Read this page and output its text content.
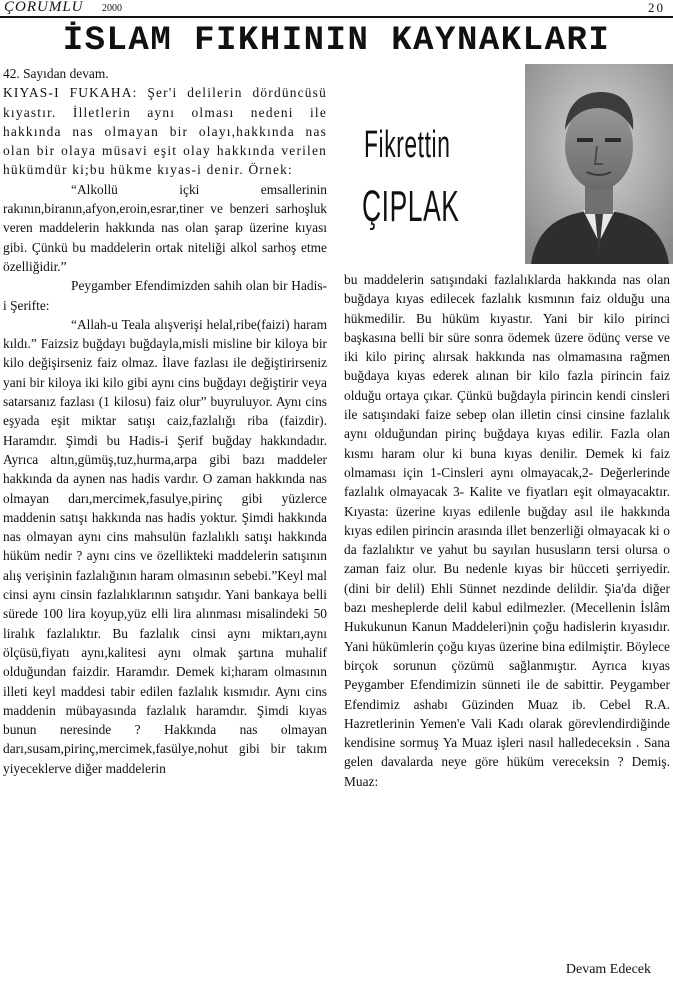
ÇORUMLU 2000	20
İSLAM FIKHININ KAYNAKLARI

42. Sayıdan devam.

KIYAS-I FUKAHA: Şer'i delilerin dördüncüsü kıyastır. İlletlerin aynı olması nedeni ile hakkında nas olmayan bir olayı,hakkında nas olan bir olaya müsavi eşit olay hakkında verilen hükümdür ki;bu hükme kıyas-i denir. Örnek:

“Alkollü içki emsallerinin rakının,biranın,afyon,eroin,esrar,tiner ve benzeri sarhoşluk veren maddelerin hakkında nas olan şarap üzerine kıyası gibi. Çünkü bu maddelerin ortak niteliği alkol sarhoş etme özelliğidir.”

Peygamber Efendimizden sahih olan bir Hadis-i Şerifte:

“Allah-u Teala alışverişi helal,ribe(faizi) haram kıldı.” Faizsiz buğdayı buğdayla,misli misline bir kiloya bir kilo değişirseniz faiz olmaz. İlave fazlası ile değiştirirseniz yani bir kiloya iki kilo gibi aynı cins buğdayı değiştirir veya satarsanız fazlası (1 kilosu) faiz olur” buyruluyor. Aynı cins eşyada eşit miktar satışı caiz,fazlalığı riba (faizdir). Haramdır. Şimdi bu Hadis-i Şerif buğday hakkındadır. Ayrıca altın,gümüş,tuz,hurma,arpa gibi bazı maddeler hakkında da aynen nas hadis vardır. O zaman hakkında nas olmayan darı,mercimek,fasulye,pirinç gibi yüzlerce maddenin satışı hakkında nas hadis yoktur. Şimdi hakkında nas olmayan aynı cins mahsulün fazlalıklı satışı hakkında hüküm nedir ? aynı cins ve özellikteki maddelerin satışının alış verişinin fazlalığının haram olmasının sebebi.”Keyl mal cinsi aynı cinsin fazlalıklarının satışıdır. Yani bankaya belli sürede 100 lira koyup,yüz elli lira alınması misalindeki 50 liralık fazlalıktır. Bu fazlalık cinsi aynı miktarı,aynı ölçüsü,fiyatı aynı,kalitesi aynı olmak şartına muhalif olduğundan faizdir. Haramdır. Demek ki;haram olmasının illeti keyl maddesi tabir edilen fazlalık kısmıdır. Aynı cins maddenin mübayasında fazlalık haramdır. Şimdi kıyas bunun neresinde ? Hakkında nas olmayan darı,susam,pirinç,mercimek,fasülye,nohut gibi bir takım yiyeceklerve diğer maddelerin

Fikrettin
ÇIPLAK

bu maddelerin satışındaki fazlalıklarda hakkında nas olan buğdaya kıyas edilecek fazlalık kısmının faiz olduğu una hükmedilir. Bu hüküm kıyastır. Yani bir kilo pirinci başkasına belli bir süre sonra ödemek üzere ödünç verse ve iki kilo pirinç alırsak hakkında nas olmamasına rağmen buğdaya kıyas ederek alınan bir kilo fazla pirincin faiz olduğu ortaya çıkar. Çünkü buğdayla pirincin kendi cinsleri ile satışındaki faize sebep olan illetin cinsi cinsine fazlalık aynı olduğundan pirinç buğdaya kıyas edilir. Fazla olan kısmı haram olur ki buna kıyas denilir. Demek ki faiz olmaması için 1-Cinsleri aynı olmayacak,2- Değerlerinde fazlalık olmayacak 3- Kalite ve fiyatları eşit olmayacaktır. Kıyasta: üzerine kıyas edilenle buğday asıl ile hakkında kıyas edilen pirincin arasında illet benzerliği olmayacak ki o da fazlalıktır ve yahut bu sayılan hususların tersi olursa o zaman faiz olur. Bu nedenle kıyas bir hücceti şerriyedir. (dini bir delil) Ehli Sünnet nezdinde delildir. Şia'da diğer bazı mesheplerde delil kabul edilmezler. (Mecellenin İslâm Hukukunun Kanun Maddeleri)nin çoğu hadislerin kıyasıdır. Yani hükümlerin çoğu kıyas üzerine bina edilmiştir. Böylece birçok sorunun çözümü sağlanmıştır. Ayrıca kıyas Peygamber Efendimizin sünneti ile de sabittir. Peygamber Efendimiz ashabı Güzinden Muaz ib. Cebel R.A. Hazretlerinin Yemen'e Vali Kadı olarak görevlendirdiğinde kendisine sormuş Ya Muaz işleri nasıl halledeceksin . Sana gelen davalarda neye göre hüküm vereceksin ? Demiş. Muaz:

Devam Edecek
